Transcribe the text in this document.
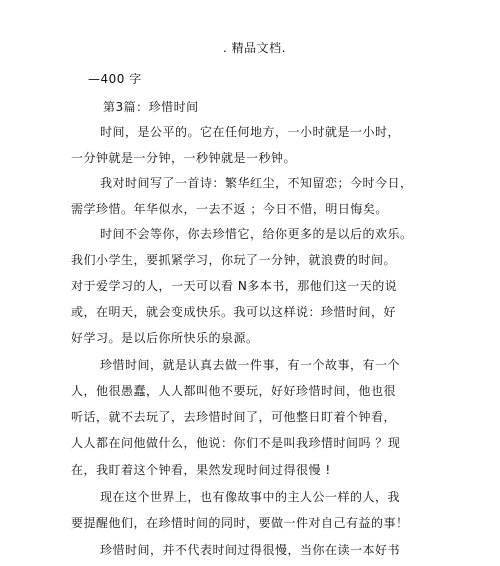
. 精品文档.
—400 字
第3篇：珍惜时间
时间，是公平的。它在任何地方，一小时就是一小时，
一分钟就是一分钟，一秒钟就是一秒钟。
我对时间写了一首诗：繁华红尘，不知留恋；今时今日，
需学珍惜。年华似水，一去不返 ；今日不惜，明日悔矣。
时间不会等你，你去珍惜它，给你更多的是以后的欢乐。
我们小学生，要抓紧学习，你玩了一分钟，就浪费的时间。
对于爱学习的人，一天可以看 N多本书，那他们这一天的说
或，在明天，就会变成快乐。我可以这样说：珍惜时间，好
好学习。是以后你所快乐的泉源。
珍惜时间，就是认真去做一件事，有一个故事，有一个
人，他很愚蠢，人人都叫他不要玩，好好珍惜时间，他也很
听话，就不去玩了，去珍惜时间了，可他整日盯着个钟看，
人人都在问他做什么，他说：你们不是叫我珍惜时间吗 ？现
在，我盯着这个钟看，果然发现时间过得很慢 !
现在这个世界上，也有像故事中的主人公一样的人，我
要提醒他们，在珍惜时间的同时，要做一件对自己有益的事！
珍惜时间，并不代表时间过得很慢，当你在读一本好书
